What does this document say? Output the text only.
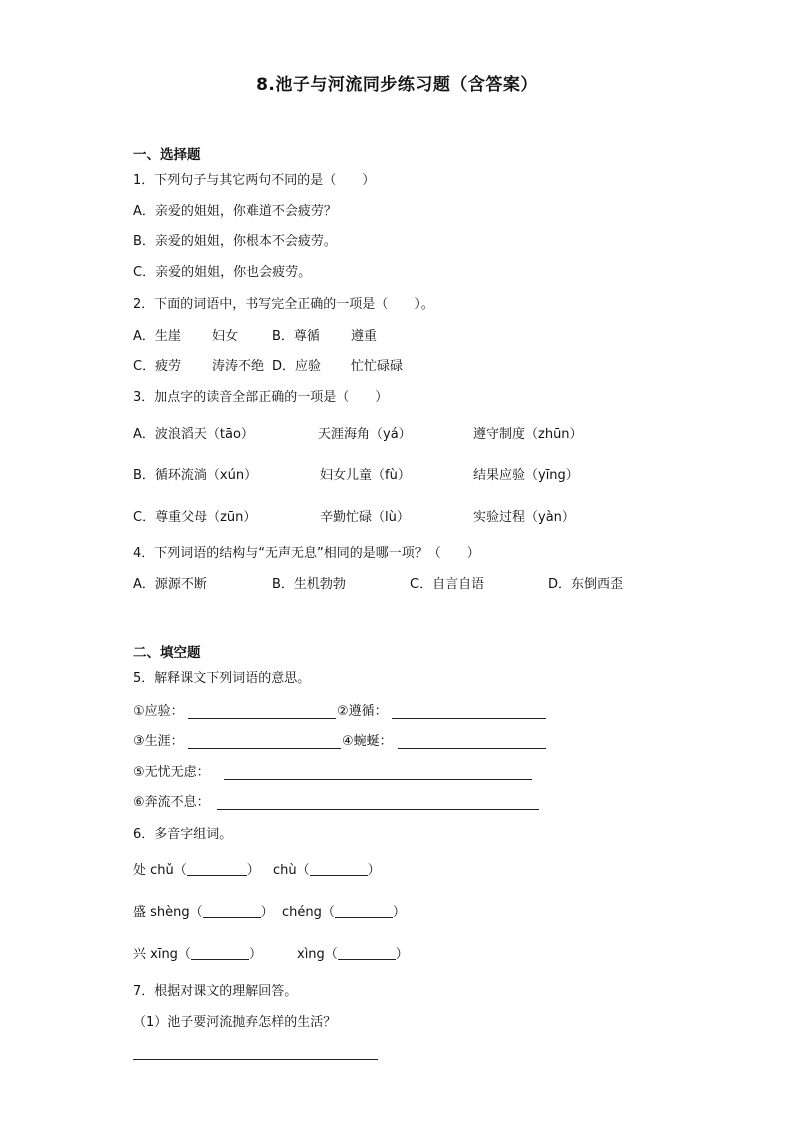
8.池子与河流同步练习题（含答案）
一、选择题
1．下列句子与其它两句不同的是（　　）
A．亲爱的姐姐，你难道不会疲劳？
B．亲爱的姐姐，你根本不会疲劳。
C．亲爱的姐姐，你也会疲劳。
2．下面的词语中，书写完全正确的一项是（　　）。
A．生崖 妇女	B．尊循 遵重
C．疲劳 涛涛不绝 D．应验 忙忙碌碌
3．加点字的读音全部正确的一项是（　　）
A．波浪滔天（tāo）	天涯海角（yá）	遵守制度（zhūn）
B．循环流淌（xún）	妇女儿童（fù）	结果应验（yīng）
C．尊重父母（zūn）	辛勤忙碌（lù）	实验过程（yàn）
4．下列词语的结构与“无声无息”相同的是哪一项？（　　）
A．源源不断	B．生机勃勃	C．自言自语	D．东倒西歪
二、填空题
5．解释课文下列词语的意思。
①应验：	②遵循：
③生涯：	④蜿蜒：
⑤无忧无虑：
⑥奔流不息：
6．多音字组词。
处 chǔ（	） chù（	）
盛 shèng（	） chéng（	）
兴 xīng（	）	xìng（	）
7．根据对课文的理解回答。
（1）池子要河流抛弃怎样的生活？
